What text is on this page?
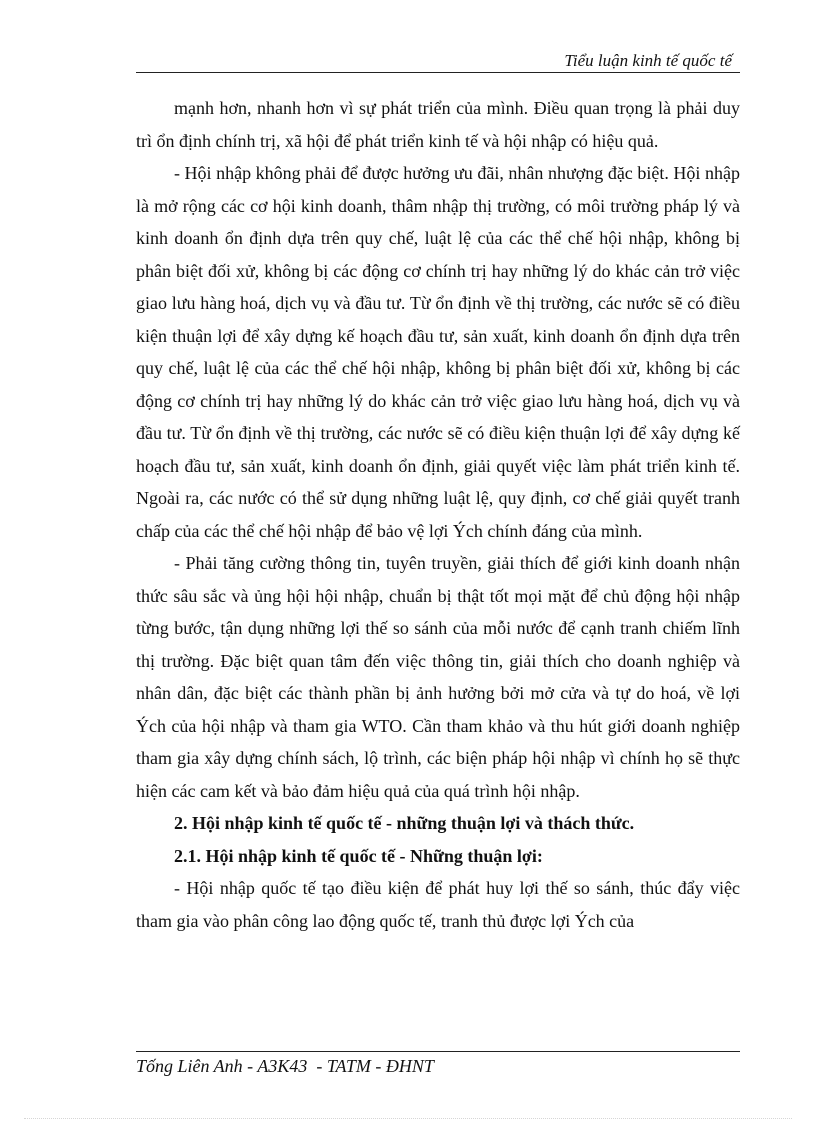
Tiểu luận kinh tế quốc tế

mạnh hơn, nhanh hơn vì sự phát triển của mình. Điều quan trọng là phải duy trì ổn định chính trị, xã hội để phát triển kinh tế và hội nhập có hiệu quả.

- Hội nhập không phải để được hưởng ưu đãi, nhân nhượng đặc biệt. Hội nhập là mở rộng các cơ hội kinh doanh, thâm nhập thị trường, có môi trường pháp lý và kinh doanh ổn định dựa trên quy chế, luật lệ của các thể chế hội nhập, không bị phân biệt đối xử, không bị các động cơ chính trị hay những lý do khác cản trở việc giao lưu hàng hoá, dịch vụ và đầu tư. Từ ổn định về thị trường, các nước sẽ có điều kiện thuận lợi để xây dựng kế hoạch đầu tư, sản xuất, kinh doanh ổn định dựa trên quy chế, luật lệ của các thể chế hội nhập, không bị phân biệt đối xử, không bị các động cơ chính trị hay những lý do khác cản trở việc giao lưu hàng hoá, dịch vụ và đầu tư. Từ ổn định về thị trường, các nước sẽ có điều kiện thuận lợi để xây dựng kế hoạch đầu tư, sản xuất, kinh doanh ổn định, giải quyết việc làm phát triển kinh tế. Ngoài ra, các nước có thể sử dụng những luật lệ, quy định, cơ chế giải quyết tranh chấp của các thể chế hội nhập để bảo vệ lợi Ých chính đáng của mình.

- Phải tăng cường thông tin, tuyên truyền, giải thích để giới kinh doanh nhận thức sâu sắc và ủng hội hội nhập, chuẩn bị thật tốt mọi mặt để chủ động hội nhập từng bước, tận dụng những lợi thế so sánh của mỗi nước để cạnh tranh chiếm lĩnh thị trường. Đặc biệt quan tâm đến việc thông tin, giải thích cho doanh nghiệp và nhân dân, đặc biệt các thành phần bị ảnh hưởng bởi mở cửa và tự do hoá, về lợi Ých của hội nhập và tham gia WTO. Cần tham khảo và thu hút giới doanh nghiệp tham gia xây dựng chính sách, lộ trình, các biện pháp hội nhập vì chính họ sẽ thực hiện các cam kết và bảo đảm hiệu quả của quá trình hội nhập.

2. Hội nhập kinh tế quốc tế - những thuận lợi và thách thức.

2.1. Hội nhập kinh tế quốc tế - Những thuận lợi:

- Hội nhập quốc tế tạo điều kiện để phát huy lợi thế so sánh, thúc đẩy việc tham gia vào phân công lao động quốc tế, tranh thủ được lợi Ých của

Tống Liên Anh - A3K43  - TATM - ĐHNT
